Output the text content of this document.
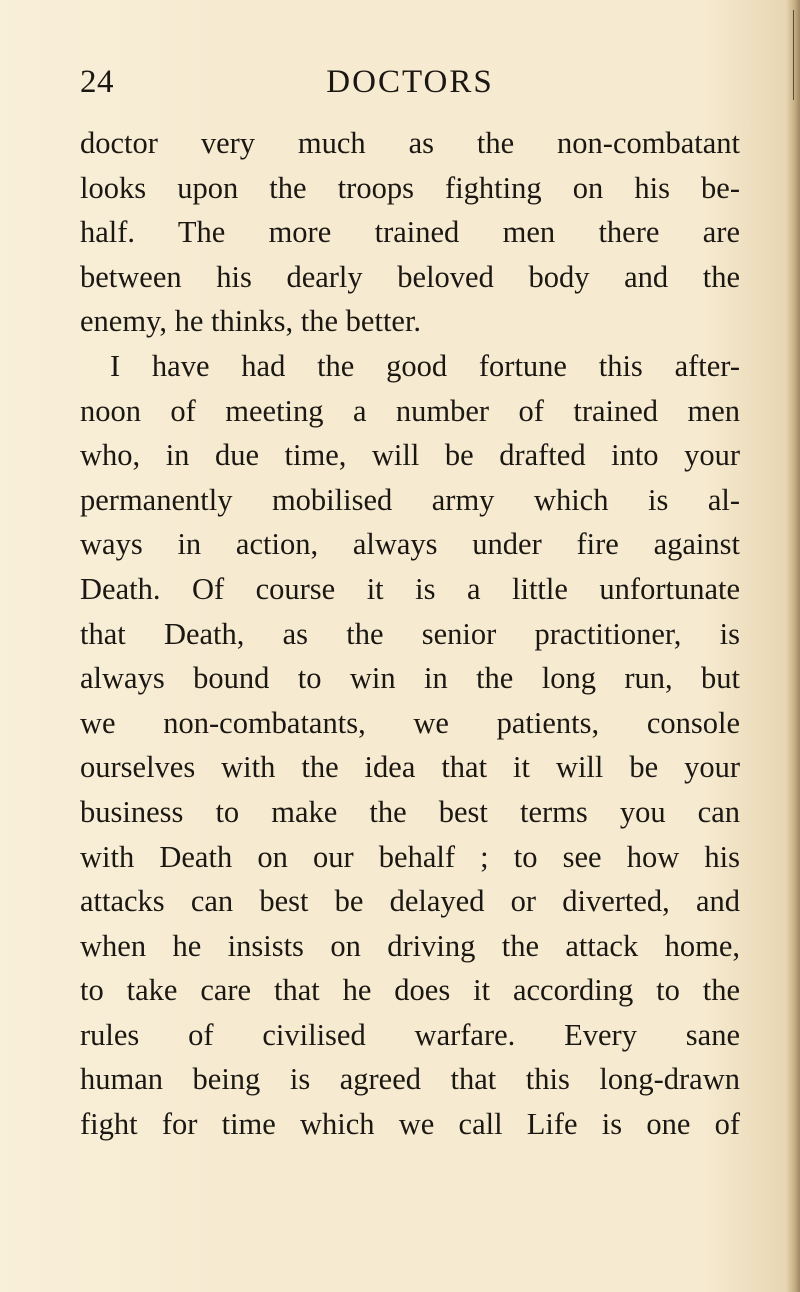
24	DOCTORS
doctor very much as the non-combatant
looks upon the troops fighting on his be-
half. The more trained men there are
between his dearly beloved body and the
enemy, he thinks, the better.
I have had the good fortune this after-
noon of meeting a number of trained men
who, in due time, will be drafted into your
permanently mobilised army which is al-
ways in action, always under fire against
Death. Of course it is a little unfortunate
that Death, as the senior practitioner, is
always bound to win in the long run, but
we non-combatants, we patients, console
ourselves with the idea that it will be your
business to make the best terms you can
with Death on our behalf ; to see how his
attacks can best be delayed or diverted, and
when he insists on driving the attack home,
to take care that he does it according to the
rules of civilised warfare. Every sane
human being is agreed that this long-drawn
fight for time which we call Life is one of
